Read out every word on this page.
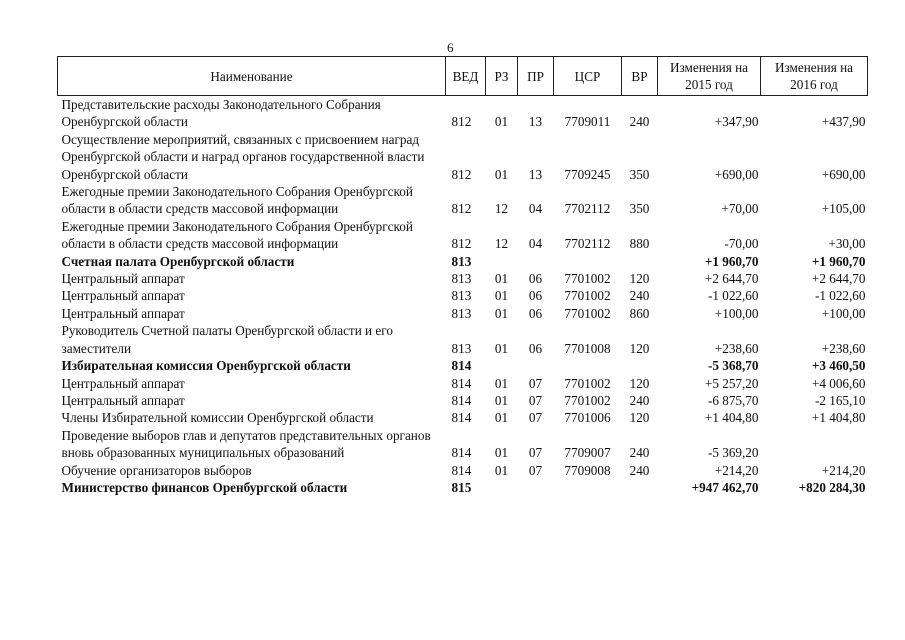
6
Наименование	ВЕД	РЗ	ПР	ЦСР	ВР	Изменения на 2015 год	Изменения на 2016 год
Представительские расходы Законодательного Собрания Оренбургской области	812	01	13	7709011	240	+347,90	+437,90
Осуществление мероприятий, связанных с присвоением наград Оренбургской области и наград органов государственной власти Оренбургской области	812	01	13	7709245	350	+690,00	+690,00
Ежегодные премии Законодательного Собрания Оренбургской области в области средств массовой информации	812	12	04	7702112	350	+70,00	+105,00
Ежегодные премии Законодательного Собрания Оренбургской области в области средств массовой информации	812	12	04	7702112	880	-70,00	+30,00
Счетная палата Оренбургской области	813					+1 960,70	+1 960,70
Центральный аппарат	813	01	06	7701002	120	+2 644,70	+2 644,70
Центральный аппарат	813	01	06	7701002	240	-1 022,60	-1 022,60
Центральный аппарат	813	01	06	7701002	860	+100,00	+100,00
Руководитель Счетной палаты Оренбургской области и его заместители	813	01	06	7701008	120	+238,60	+238,60
Избирательная комиссия Оренбургской области	814					-5 368,70	+3 460,50
Центральный аппарат	814	01	07	7701002	120	+5 257,20	+4 006,60
Центральный аппарат	814	01	07	7701002	240	-6 875,70	-2 165,10
Члены Избирательной комиссии Оренбургской области	814	01	07	7701006	120	+1 404,80	+1 404,80
Проведение выборов глав и депутатов представительных органов вновь образованных муниципальных образований	814	01	07	7709007	240	-5 369,20	
Обучение организаторов выборов	814	01	07	7709008	240	+214,20	+214,20
Министерство финансов Оренбургской области	815					+947 462,70	+820 284,30
